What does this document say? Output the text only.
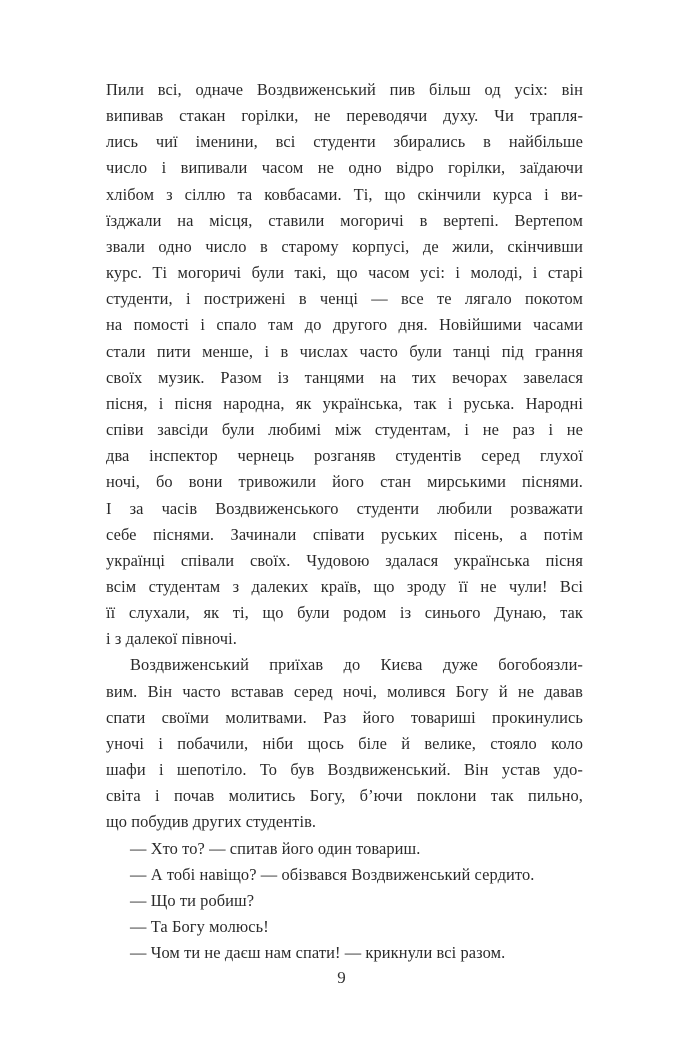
Пили всі, одначе Воздвиженський пив більш од усіх: він
випивав стакан горілки, не переводячи духу. Чи трапля-
лись чиї іменини, всі студенти збирались в найбільше
число і випивали часом не одно відро горілки, заїдаючи
хлібом з сіллю та ковбасами. Ті, що скінчили курса і ви-
їзджали на місця, ставили могоричі в вертепі. Вертепом
звали одно число в старому корпусі, де жили, скінчивши
курс. Ті могоричі були такі, що часом усі: і молоді, і старі
студенти, і постриженi в ченці — все те лягало покотом
на помості і спало там до другого дня. Новійшими часами
стали пити менше, і в числах часто були танці під грання
своїх музик. Разом із танцями на тих вечорах завелася
пісня, і пісня народна, як українська, так і руська. Народні
співи завсіди були любимі між студентам, і не раз і не
два інспектор чернець розганяв студентів серед глухої
ночі, бо вони тривожили його стан мирськими піснями.
І за часів Воздвиженського студенти любили розважати
себе піснями. Зачинали співати руських пісень, а потім
українці співали своїх. Чудовою здалася українська пісня
всім студентам з далеких країв, що зроду її не чули! Всі
її слухали, як ті, що були родом із синього Дунаю, так
і з далекої півночі.

Воздвиженський приїхав до Києва дуже богобоязли-
вим. Він часто вставав серед ночі, молився Богу й не давав
спати своїми молитвами. Раз його товариші прокинулись
уночі і побачили, ніби щось біле й велике, стояло коло
шафи і шепотіло. То був Воздвиженський. Він устав удо-
світа і почав молитись Богу, б’ючи поклони так пильно,
що побудив других студентів.

— Хто то? — спитав його один товариш.
— А тобі навіщо? — обізвався Воздвиженський сердито.
— Що ти робиш?
— Та Богу молюсь!
— Чом ти не даєш нам спати! — крикнули всі разом.
9
